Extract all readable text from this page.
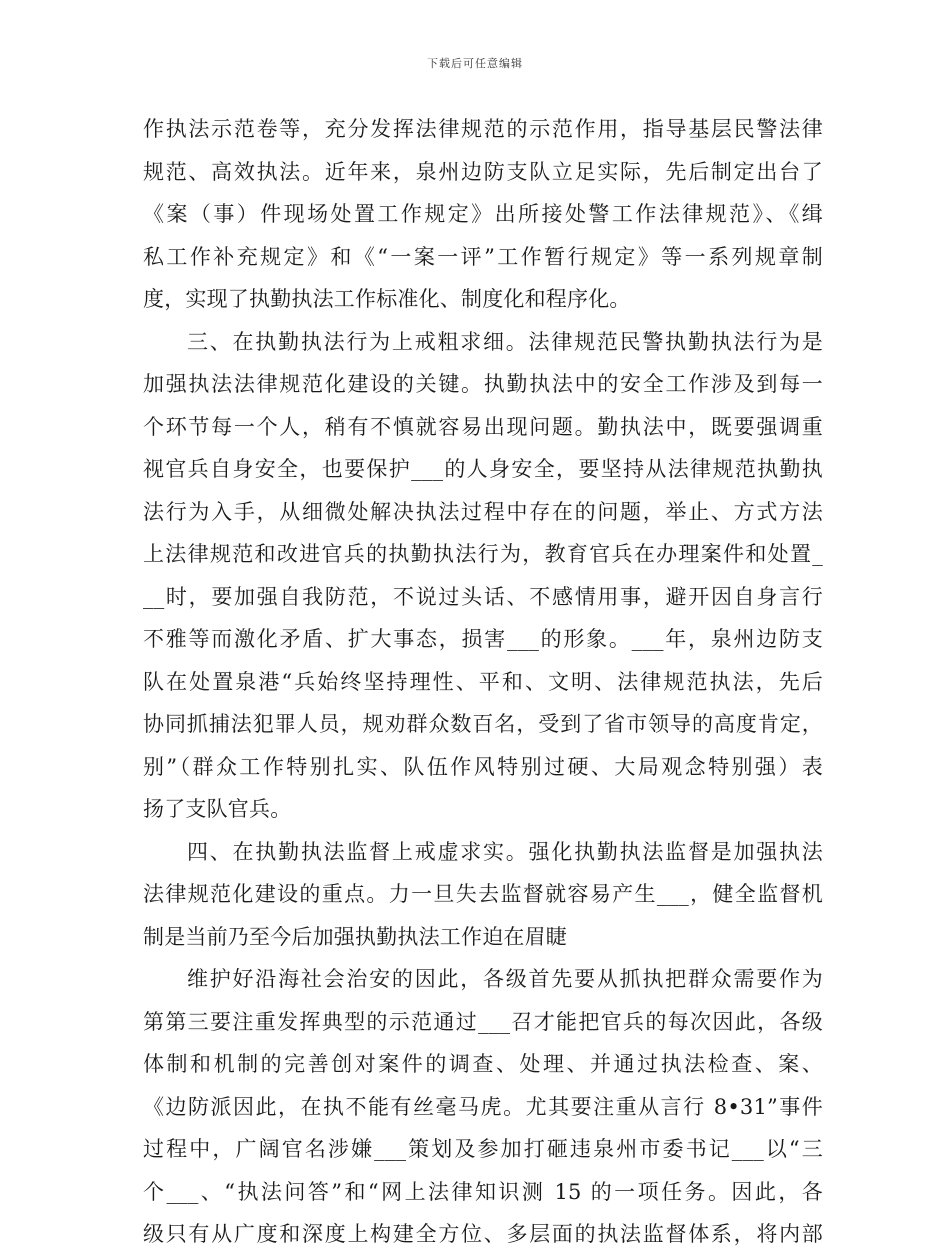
下载后可任意编辑
作执法示范卷等，充分发挥法律规范的示范作用，指导基层民警法律
规范、高效执法。近年来，泉州边防支队立足实际，先后制定出台了
《案（事）件现场处置工作规定》出所接处警工作法律规范》、《缉
私工作补充规定》和《“一案一评”工作暂行规定》等一系列规章制
度，实现了执勤执法工作标准化、制度化和程序化。
三、在执勤执法行为上戒粗求细。法律规范民警执勤执法行为是
加强执法法律规范化建设的关键。执勤执法中的安全工作涉及到每一
个环节每一个人，稍有不慎就容易出现问题。勤执法中，既要强调重
视官兵自身安全，也要保护___的人身安全，要坚持从法律规范执勤执
法行为入手，从细微处解决执法过程中存在的问题，举止、方式方法
上法律规范和改进官兵的执勤执法行为，教育官兵在办理案件和处置_
__时，要加强自我防范，不说过头话、不感情用事，避开因自身言行
不雅等而激化矛盾、扩大事态，损害___的形象。___年，泉州边防支
队在处置泉港“兵始终坚持理性、平和、文明、法律规范执法，先后
协同抓捕法犯罪人员，规劝群众数百名，受到了省市领导的高度肯定，
别”（群众工作特别扎实、队伍作风特别过硬、大局观念特别强）表
扬了支队官兵。
四、在执勤执法监督上戒虚求实。强化执勤执法监督是加强执法
法律规范化建设的重点。力一旦失去监督就容易产生___，健全监督机
制是当前乃至今后加强执勤执法工作迫在眉睫
维护好沿海社会治安的因此，各级首先要从抓执把群众需要作为
第第三要注重发挥典型的示范通过___召才能把官兵的每次因此，各级
体制和机制的完善创对案件的调查、处理、并通过执法检查、案、
《边防派因此，在执不能有丝毫马虎。尤其要注重从言行 8•31”事件
过程中，广阔官名涉嫌___策划及参加打砸违泉州市委书记___以“三
个___、“执法问答”和“网上法律知识测 15 的一项任务。因此，各
级只有从广度和深度上构建全方位、多层面的执法监督体系，将内部
